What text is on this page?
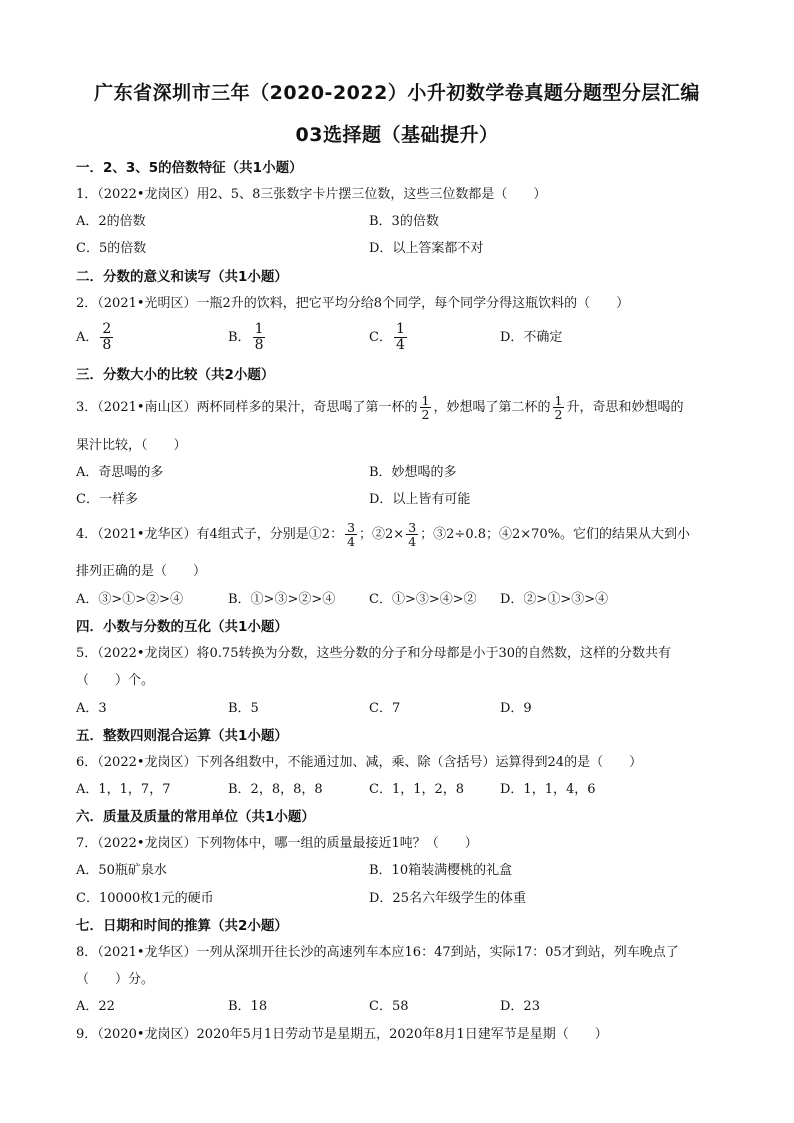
广东省深圳市三年（2020-2022）小升初数学卷真题分题型分层汇编
03选择题（基础提升）
一．2、3、5的倍数特征（共1小题）
1．（2022•龙岗区）用2、5、8三张数字卡片摆三位数，这些三位数都是（　　）
A．2的倍数	B．3的倍数
C．5的倍数	D．以上答案都不对
二．分数的意义和读写（共1小题）
2．（2021•光明区）一瓶2升的饮料，把它平均分给8个同学，每个同学分得这瓶饮料的（　　）
A． $\frac{2}{8}$	B． $\frac{1}{8}$	C． $\frac{1}{4}$	D．不确定
三．分数大小的比较（共2小题）
3．（2021•南山区）两杯同样多的果汁，奇思喝了第一杯的 $\frac{1}{2}$ ，妙想喝了第二杯的 $\frac{1}{2}$ 升，奇思和妙想喝的
果汁比较，（　　）
A．奇思喝的多	B．妙想喝的多
C．一样多	D．以上皆有可能
4．（2021•龙华区）有4组式子，分别是①2： $\frac{3}{4}$ ；②2× $\frac{3}{4}$ ；③2÷0.8；④2×70%。它们的结果从大到小
排列正确的是（　　）
A．③>①>②>④	B．①>③>②>④	C．①>③>④>② D．②>①>③>④
四．小数与分数的互化（共1小题）
5．（2022•龙岗区）将0.75转换为分数，这些分数的分子和分母都是小于30的自然数，这样的分数共有
（　　）个。
A．3	B．5	C．7	D．9
五．整数四则混合运算（共1小题）
6．（2022•龙岗区）下列各组数中，不能通过加、减，乘、除（含括号）运算得到24的是（　　）
A．1，1，7，7	B．2，8，8，8	C．1，1，2，8	D．1，1，4，6
六．质量及质量的常用单位（共1小题）
7．（2022•龙岗区）下列物体中，哪一组的质量最接近1吨？（　　）
A．50瓶矿泉水	B．10箱装满樱桃的礼盒
C．10000枚1元的硬币	D．25名六年级学生的体重
七．日期和时间的推算（共2小题）
8．（2021•龙华区）一列从深圳开往长沙的高速列车本应16：47到站，实际17：05才到站，列车晚点了
（　　）分。
A．22	B．18	C．58	D．23
9．（2020•龙岗区）2020年5月1日劳动节是星期五，2020年8月1日建军节是星期（　　）
